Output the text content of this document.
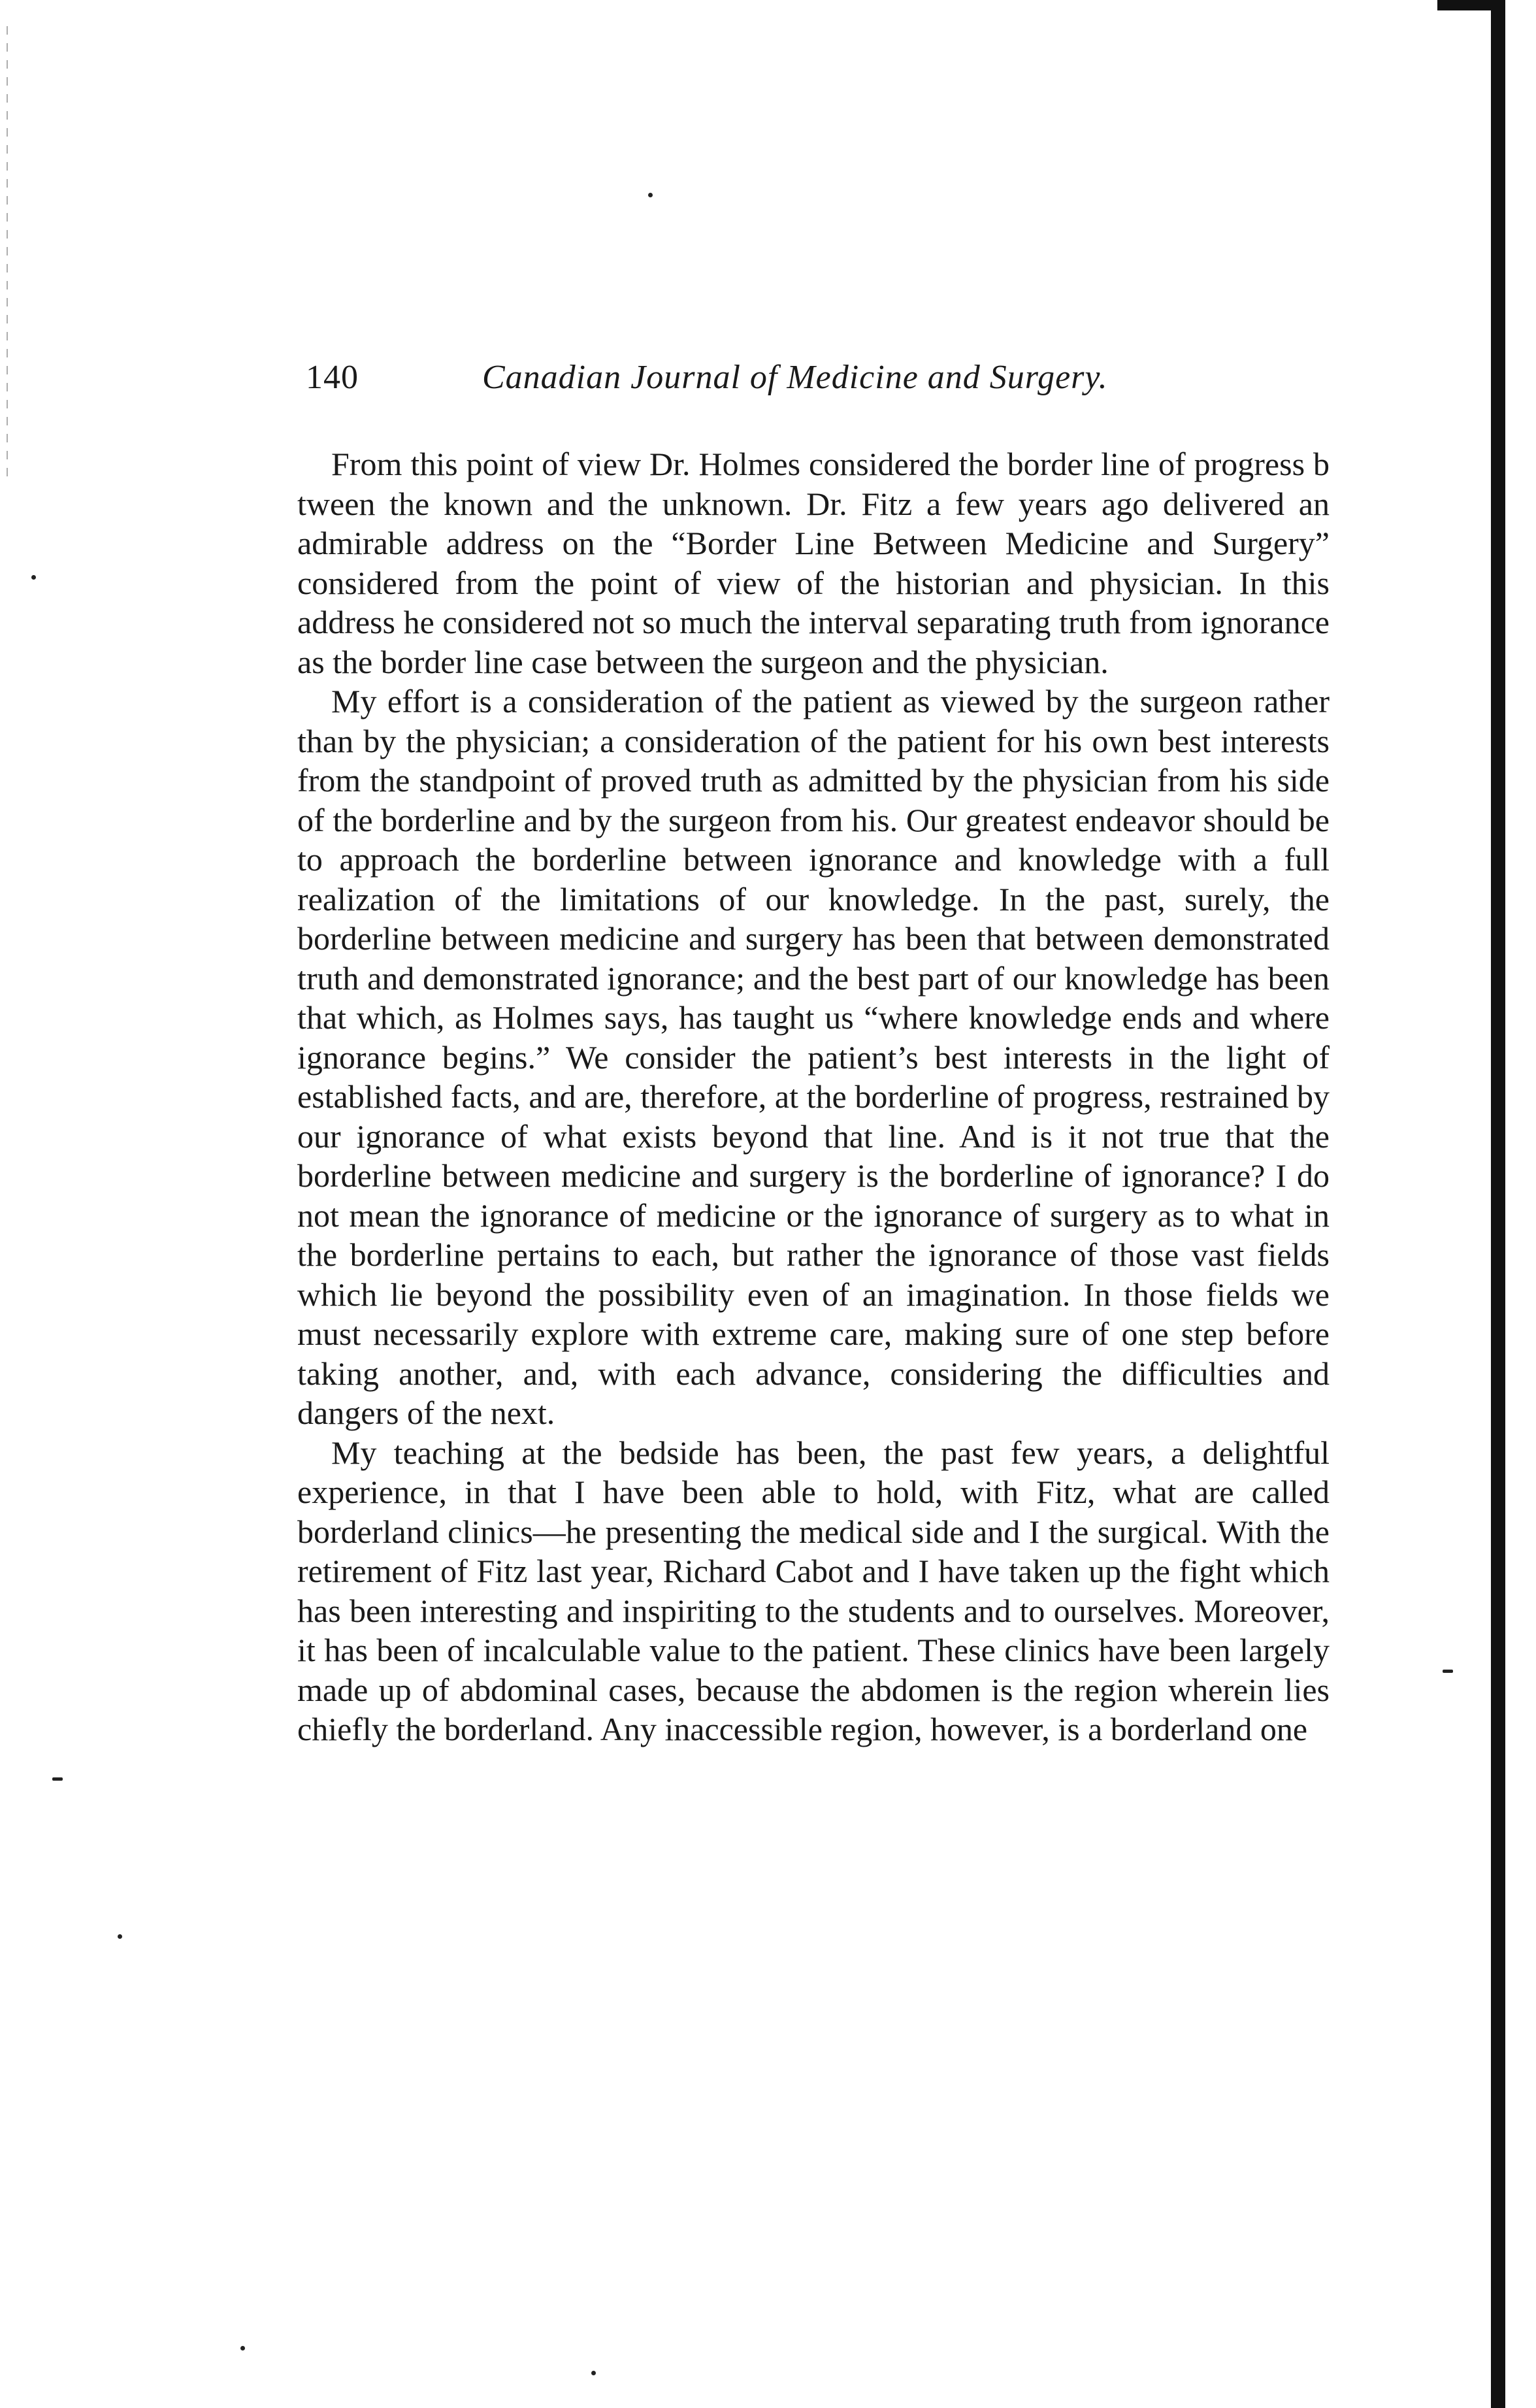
140	Canadian Journal of Medicine and Surgery.

From this point of view Dr. Holmes considered the border line of progress b tween the known and the unknown. Dr. Fitz a few years ago delivered an admirable address on the “Border Line Between Medicine and Surgery” considered from the point of view of the historian and physician. In this address he considered not so much the interval separating truth from ignorance as the border line case between the surgeon and the physician.

My effort is a consideration of the patient as viewed by the surgeon rather than by the physician; a consideration of the patient for his own best interests from the standpoint of proved truth as admitted by the physician from his side of the borderline and by the surgeon from his. Our greatest endeavor should be to approach the borderline between ignorance and knowledge with a full realization of the limitations of our knowledge. In the past, surely, the borderline between medicine and surgery has been that between demonstrated truth and demonstrated ignorance; and the best part of our knowledge has been that which, as Holmes says, has taught us “where knowledge ends and where ignorance begins.” We consider the patient’s best interests in the light of established facts, and are, therefore, at the borderline of progress, restrained by our ignorance of what exists beyond that line. And is it not true that the borderline between medicine and surgery is the borderline of ignorance? I do not mean the ignorance of medicine or the ignorance of surgery as to what in the borderline pertains to each, but rather the ignorance of those vast fields which lie beyond the possibility even of an imagination. In those fields we must necessarily explore with extreme care, making sure of one step before taking another, and, with each advance, considering the difficulties and dangers of the next.

My teaching at the bedside has been, the past few years, a delightful experience, in that I have been able to hold, with Fitz, what are called borderland clinics—he presenting the medical side and I the surgical. With the retirement of Fitz last year, Richard Cabot and I have taken up the fight which has been interesting and inspiriting to the students and to ourselves. Moreover, it has been of incalculable value to the patient. These clinics have been largely made up of abdominal cases, because the abdomen is the region wherein lies chiefly the borderland. Any inaccessible region, however, is a borderland one
